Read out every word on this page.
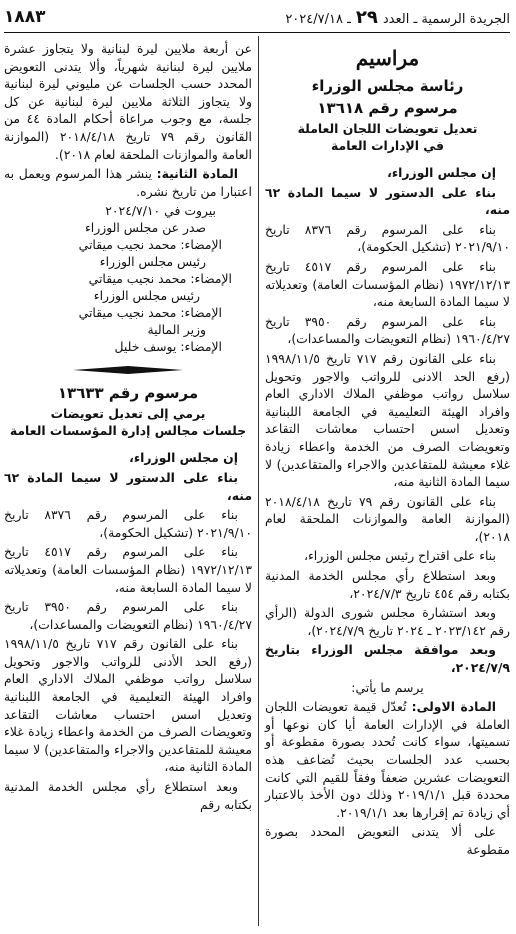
الجريدة الرسمية ـ العدد
٢٩
ـ ٢٠٢٤/٧/١٨
١٨٨٣
مراسيم
رئاسة مجلس الوزراء
مرسوم رقم ١٣٦١٨
تعديل تعويضات اللجان العاملة
في الإدارات العامة

إن مجلس الوزراء،

بناء على الدستور لا سيما المادة ٦٢ منه،

بناء على المرسوم رقم ٨٣٧٦ تاريخ ٢٠٢١/٩/١٠ (تشكيل الحكومة)،

بناء على المرسوم رقم ٤٥١٧ تاريخ ١٩٧٢/١٢/١٣ (نظام المؤسسات العامة) وتعديلاته لا سيما المادة السابعة منه،

بناء على المرسوم رقم ٣٩٥٠ تاريخ ١٩٦٠/٤/٢٧ (نظام التعويضات والمساعدات)،

بناء على القانون رقم ٧١٧ تاريخ ١٩٩٨/١١/٥ (رفع الحد الادنى للرواتب والاجور وتحويل سلاسل رواتب موظفي الملاك الاداري العام وافراد الهيئة التعليمية في الجامعة اللبنانية وتعديل اسس احتساب معاشات التقاعد وتعويضات الصرف من الخدمة واعطاء زيادة غلاء معيشة للمتقاعدين والاجراء والمتقاعدين) لا سيما المادة الثانية منه،

بناء على القانون رقم ٧٩ تاريخ ٢٠١٨/٤/١٨ (الموازنة العامة والموازنات الملحقة لعام ٢٠١٨)،

بناء على اقتراح رئيس مجلس الوزراء،

وبعد استطلاع رأي مجلس الخدمة المدنية بكتابه رقم ٤٥٤ تاريخ ٢٠٢٤/٧/٣،

وبعد استشارة مجلس شورى الدولة (الرأي رقم ٢٠٢٣/١٤٢ ـ ٢٠٢٤ تاريخ ٢٠٢٤/٧/٩)،

وبعد موافقة مجلس الوزراء بتاريخ ٢٠٢٤/٧/٩،

يرسم ما يأتي:

المادة الاولى: تُعدّل قيمة تعويضات اللجان العاملة في الإدارات العامة أيا كان نوعها أو تسميتها، سواء كانت تُحدد بصورة مقطوعة أو بحسب عدد الجلسات بحيث تُضاعف هذه التعويضات عشرين ضعفاً وفقاً للقيم التي كانت محددة قبل ٢٠١٩/١/١ وذلك دون الأخذ بالاعتبار أي زيادة تم إقرارها بعد ٢٠١٩/١/١.

على ألا يتدنى التعويض المحدد بصورة مقطوعة

عن أربعة ملايين ليرة لبنانية ولا يتجاوز عشرة ملايين ليرة لبنانية شهرياً، وألا يتدنى التعويض المحدد حسب الجلسات عن مليوني ليرة لبنانية ولا يتجاوز الثلاثة ملايين ليرة لبنانية عن كل جلسة، مع وجوب مراعاة أحكام المادة ٤٤ من القانون رقم ٧٩ تاريخ ٢٠١٨/٤/١٨ (الموازنة العامة والموازنات الملحقة لعام ٢٠١٨).

المادة الثانية: ينشر هذا المرسوم ويعمل به اعتبارا من تاريخ نشره.

بيروت في ٢٠٢٤/٧/١٠

صدر عن مجلس الوزراء

الإمضاء: محمد نجيب ميقاتي

رئيس مجلس الوزراء

الإمضاء: محمد نجيب ميقاتي

رئيس مجلس الوزراء

الإمضاء: محمد نجيب ميقاتي

وزير المالية

الإمضاء: يوسف خليل

مرسوم رقم ١٣٦٣٣
يرمي إلى تعديل تعويضات
جلسات مجالس إدارة المؤسسات العامة

إن مجلس الوزراء،

بناء على الدستور لا سيما المادة ٦٢ منه،

بناء على المرسوم رقم ٨٣٧٦ تاريخ ٢٠٢١/٩/١٠ (تشكيل الحكومة)،

بناء على المرسوم رقم ٤٥١٧ تاريخ ١٩٧٢/١٢/١٣ (نظام المؤسسات العامة) وتعديلاته لا سيما المادة السابعة منه،

بناء على المرسوم رقم ٣٩٥٠ تاريخ ١٩٦٠/٤/٢٧ (نظام التعويضات والمساعدات)،

بناء على القانون رقم ٧١٧ تاريخ ١٩٩٨/١١/٥ (رفع الحد الأدنى للرواتب والاجور وتحويل سلاسل رواتب موظفي الملاك الاداري العام وافراد الهيئة التعليمية في الجامعة اللبنانية وتعديل اسس احتساب معاشات التقاعد وتعويضات الصرف من الخدمة واعطاء زيادة غلاء معيشة للمتقاعدين والاجراء والمتقاعدين) لا سيما المادة الثانية منه،

وبعد استطلاع رأي مجلس الخدمة المدنية بكتابه رقم
